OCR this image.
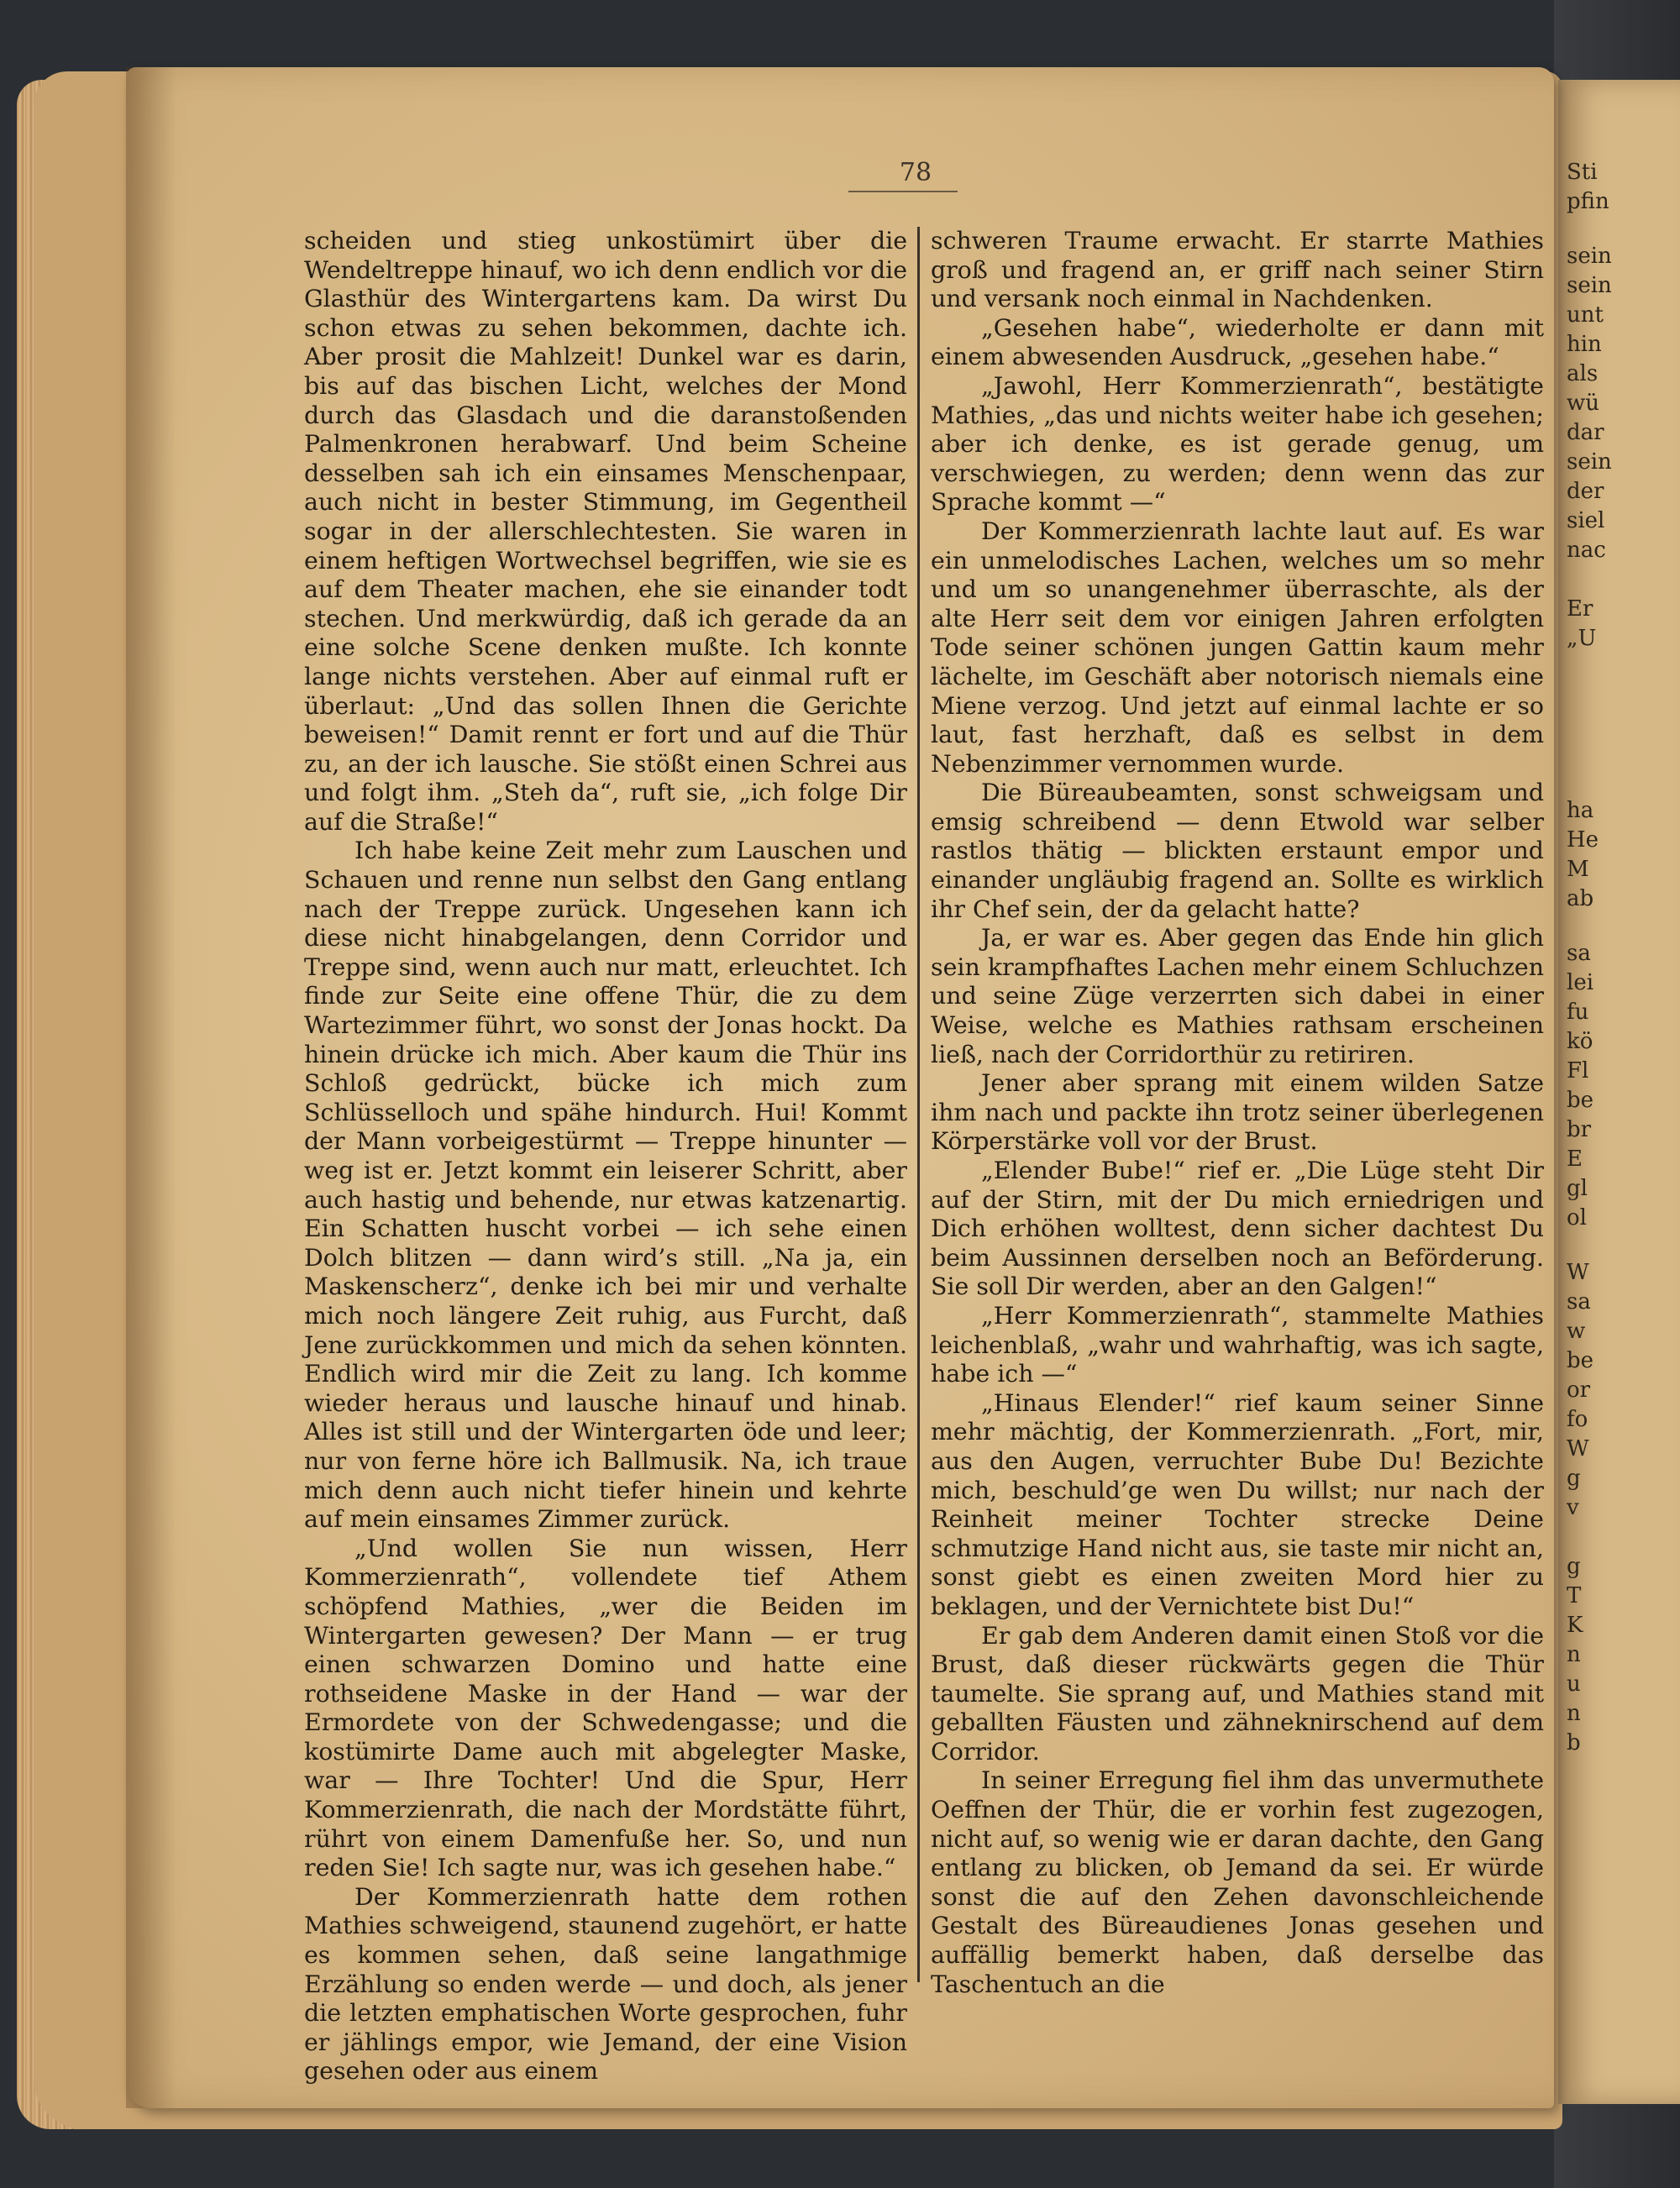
Sti
pfin
sein
sein
unt
hin
als
wü
dar
sein
der
siel
nac
Er
„U
ha
He
M
ab
sa
lei
fu
kö
Fl
be
br
E
gl
ol
W
sa
w
be
or
fo
W
g
v
g
T
K
n
u
n
b
78

scheiden und stieg unkostümirt über die Wendeltreppe hinauf, wo ich denn endlich vor die Glasthür des Wintergartens kam. Da wirst Du schon etwas zu sehen bekommen, dachte ich. Aber prosit die Mahlzeit! Dunkel war es darin, bis auf das bischen Licht, welches der Mond durch das Glasdach und die daranstoßenden Palmenkronen herabwarf. Und beim Scheine desselben sah ich ein einsames Menschenpaar, auch nicht in bester Stimmung, im Gegentheil sogar in der allerschlechtesten. Sie waren in einem heftigen Wortwechsel begriffen, wie sie es auf dem Theater machen, ehe sie einander todt stechen. Und merkwürdig, daß ich gerade da an eine solche Scene denken mußte. Ich konnte lange nichts verstehen. Aber auf einmal ruft er überlaut: „Und das sollen Ihnen die Gerichte beweisen!“ Damit rennt er fort und auf die Thür zu, an der ich lausche. Sie stößt einen Schrei aus und folgt ihm. „Steh da“, ruft sie, „ich folge Dir auf die Straße!“

Ich habe keine Zeit mehr zum Lauschen und Schauen und renne nun selbst den Gang entlang nach der Treppe zurück. Ungesehen kann ich diese nicht hinabgelangen, denn Corridor und Treppe sind, wenn auch nur matt, erleuchtet. Ich finde zur Seite eine offene Thür, die zu dem Wartezimmer führt, wo sonst der Jonas hockt. Da hinein drücke ich mich. Aber kaum die Thür ins Schloß gedrückt, bücke ich mich zum Schlüsselloch und spähe hindurch. Hui! Kommt der Mann vorbeigestürmt — Treppe hinunter — weg ist er. Jetzt kommt ein leiserer Schritt, aber auch hastig und behende, nur etwas katzenartig. Ein Schatten huscht vorbei — ich sehe einen Dolch blitzen — dann wird’s still. „Na ja, ein Maskenscherz“, denke ich bei mir und verhalte mich noch längere Zeit ruhig, aus Furcht, daß Jene zurückkommen und mich da sehen könnten. Endlich wird mir die Zeit zu lang. Ich komme wieder heraus und lausche hinauf und hinab. Alles ist still und der Wintergarten öde und leer; nur von ferne höre ich Ballmusik. Na, ich traue mich denn auch nicht tiefer hinein und kehrte auf mein einsames Zimmer zurück.

„Und wollen Sie nun wissen, Herr Kommerzienrath“, vollendete tief Athem schöpfend Mathies, „wer die Beiden im Wintergarten gewesen? Der Mann — er trug einen schwarzen Domino und hatte eine rothseidene Maske in der Hand — war der Ermordete von der Schwedengasse; und die kostümirte Dame auch mit abgelegter Maske, war — Ihre Tochter! Und die Spur, Herr Kommerzienrath, die nach der Mordstätte führt, rührt von einem Damenfuße her. So, und nun reden Sie! Ich sagte nur, was ich gesehen habe.“

Der Kommerzienrath hatte dem rothen Mathies schweigend, staunend zugehört, er hatte es kommen sehen, daß seine langathmige Erzählung so enden werde — und doch, als jener die letzten emphatischen Worte gesprochen, fuhr er jählings empor, wie Jemand, der eine Vision gesehen oder aus einem

schweren Traume erwacht. Er starrte Mathies groß und fragend an, er griff nach seiner Stirn und versank noch einmal in Nachdenken.

„Gesehen habe“, wiederholte er dann mit einem abwesenden Ausdruck, „gesehen habe.“

„Jawohl, Herr Kommerzienrath“, bestätigte Mathies, „das und nichts weiter habe ich gesehen; aber ich denke, es ist gerade genug, um verschwiegen, zu werden; denn wenn das zur Sprache kommt —“

Der Kommerzienrath lachte laut auf. Es war ein unmelodisches Lachen, welches um so mehr und um so unangenehmer überraschte, als der alte Herr seit dem vor einigen Jahren erfolgten Tode seiner schönen jungen Gattin kaum mehr lächelte, im Geschäft aber notorisch niemals eine Miene verzog. Und jetzt auf einmal lachte er so laut, fast herzhaft, daß es selbst in dem Nebenzimmer vernommen wurde.

Die Büreaubeamten, sonst schweigsam und emsig schreibend — denn Etwold war selber rastlos thätig — blickten erstaunt empor und einander ungläubig fragend an. Sollte es wirklich ihr Chef sein, der da gelacht hatte?

Ja, er war es. Aber gegen das Ende hin glich sein krampfhaftes Lachen mehr einem Schluchzen und seine Züge verzerrten sich dabei in einer Weise, welche es Mathies rathsam erscheinen ließ, nach der Corridorthür zu retiriren.

Jener aber sprang mit einem wilden Satze ihm nach und packte ihn trotz seiner überlegenen Körperstärke voll vor der Brust.

„Elender Bube!“ rief er. „Die Lüge steht Dir auf der Stirn, mit der Du mich erniedrigen und Dich erhöhen wolltest, denn sicher dachtest Du beim Aussinnen derselben noch an Beförderung. Sie soll Dir werden, aber an den Galgen!“

„Herr Kommerzienrath“, stammelte Mathies leichenblaß, „wahr und wahrhaftig, was ich sagte, habe ich —“

„Hinaus Elender!“ rief kaum seiner Sinne mehr mächtig, der Kommerzienrath. „Fort, mir, aus den Augen, verruchter Bube Du! Bezichte mich, beschuld’ge wen Du willst; nur nach der Reinheit meiner Tochter strecke Deine schmutzige Hand nicht aus, sie taste mir nicht an, sonst giebt es einen zweiten Mord hier zu beklagen, und der Vernichtete bist Du!“

Er gab dem Anderen damit einen Stoß vor die Brust, daß dieser rückwärts gegen die Thür taumelte. Sie sprang auf, und Mathies stand mit geballten Fäusten und zähneknirschend auf dem Corridor.

In seiner Erregung fiel ihm das unvermuthete Oeffnen der Thür, die er vorhin fest zugezogen, nicht auf, so wenig wie er daran dachte, den Gang entlang zu blicken, ob Jemand da sei. Er würde sonst die auf den Zehen davonschleichende Gestalt des Büreaudienes Jonas gesehen und auffällig bemerkt haben, daß derselbe das Taschentuch an die
